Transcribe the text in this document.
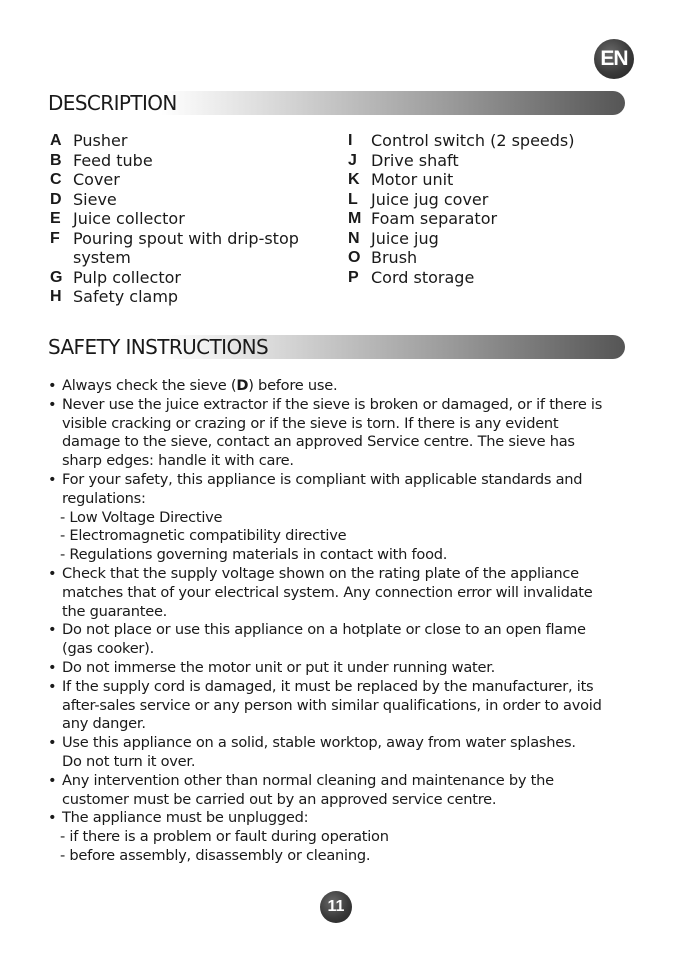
EN
DESCRIPTION
A Pusher
B Feed tube
C Cover
D Sieve
E Juice collector
F Pouring spout with drip-stop system
G Pulp collector
H Safety clamp
I	Control switch (2 speeds)
J Drive shaft
K Motor unit
L Juice jug cover
M Foam separator
N Juice jug
O Brush
P Cord storage
SAFETY INSTRUCTIONS
• Always check the sieve (D) before use.
• Never use the juice extractor if the sieve is broken or damaged, or if there is visible cracking or crazing or if the sieve is torn. If there is any evident damage to the sieve, contact an approved Service centre. The sieve has sharp edges: handle it with care.
• For your safety, this appliance is compliant with applicable standards and regulations:
- Low Voltage Directive
- Electromagnetic compatibility directive
- Regulations governing materials in contact with food.
• Check that the supply voltage shown on the rating plate of the appliance matches that of your electrical system. Any connection error will invalidate the guarantee.
• Do not place or use this appliance on a hotplate or close to an open flame (gas cooker).
• Do not immerse the motor unit or put it under running water.
• If the supply cord is damaged, it must be replaced by the manufacturer, its after-sales service or any person with similar qualifications, in order to avoid any danger.
• Use this appliance on a solid, stable worktop, away from water splashes.
Do not turn it over.
• Any intervention other than normal cleaning and maintenance by the customer must be carried out by an approved service centre.
• The appliance must be unplugged:
- if there is a problem or fault during operation
- before assembly, disassembly or cleaning.
11
